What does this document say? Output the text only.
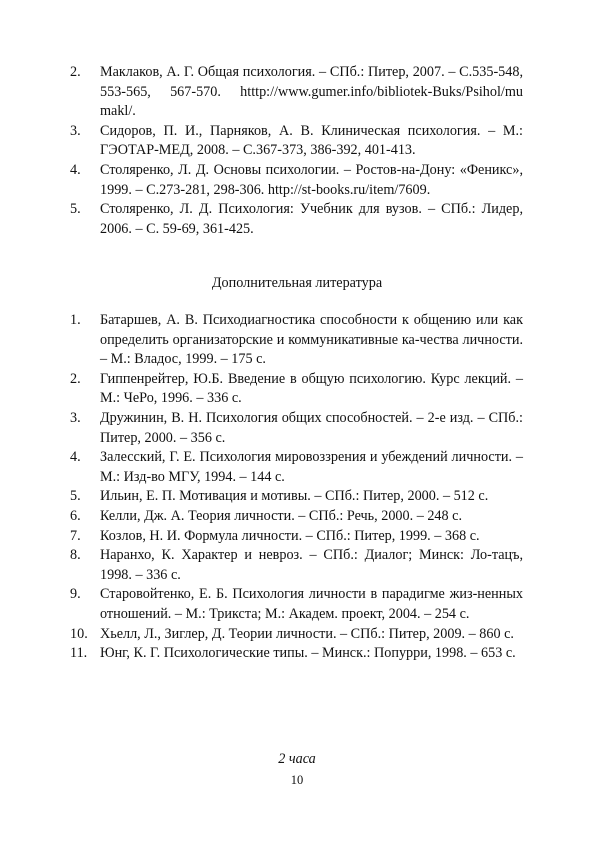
2.	Маклаков, А. Г. Общая психология. – СПб.: Питер, 2007. – С.535-548, 553-565, 567-570. htttp://www.gumer.info/bibliotek-Buks/Psihol/mu makl/.
3.	Сидоров, П. И., Парняков, А. В. Клиническая психология. – М.: ГЭОТАР-МЕД, 2008. – С.367-373, 386-392, 401-413.
4.	Столяренко, Л. Д. Основы психологии. – Ростов-на-Дону: «Феникс», 1999. – С.273-281, 298-306. http://st-books.ru/item/7609.
5.	Столяренко, Л. Д. Психология: Учебник для вузов. – СПб.: Лидер, 2006. – С. 59-69, 361-425.
Дополнительная литература
1.	Батаршев, А. В. Психодиагностика способности к общению или как определить организаторские и коммуникативные ка-чества личности. – М.: Владос, 1999. – 175 с.
2.	Гиппенрейтер, Ю.Б. Введение в общую психологию. Курс лекций. – М.: ЧеРо, 1996. – 336 с.
3.	Дружинин, В. Н. Психология общих способностей. – 2-е изд. – СПб.: Питер, 2000. – 356 с.
4.	Залесский, Г. Е. Психология мировоззрения и убеждений личности. – М.: Изд-во МГУ, 1994. – 144 с.
5.	Ильин, Е. П. Мотивация и мотивы. – СПб.: Питер, 2000. – 512 с.
6.	Келли, Дж. А. Теория личности. – СПб.: Речь, 2000. – 248 с.
7.	Козлов, Н. И. Формула личности. – СПб.: Питер, 1999. – 368 с.
8.	Наранхо, К. Характер и невроз. – СПб.: Диалог; Минск: Ло-тацъ, 1998. – 336 с.
9.	Старовойтенко, Е. Б. Психология личности в парадигме жиз-ненных отношений. – М.: Трикста; М.: Академ. проект, 2004. – 254 с.
10. Хьелл, Л., Зиглер, Д. Теории личности. – СПб.: Питер, 2009. – 860 с.
11. Юнг, К. Г. Психологические типы. – Минск.: Попурри, 1998. – 653 с.
2 часа
10
